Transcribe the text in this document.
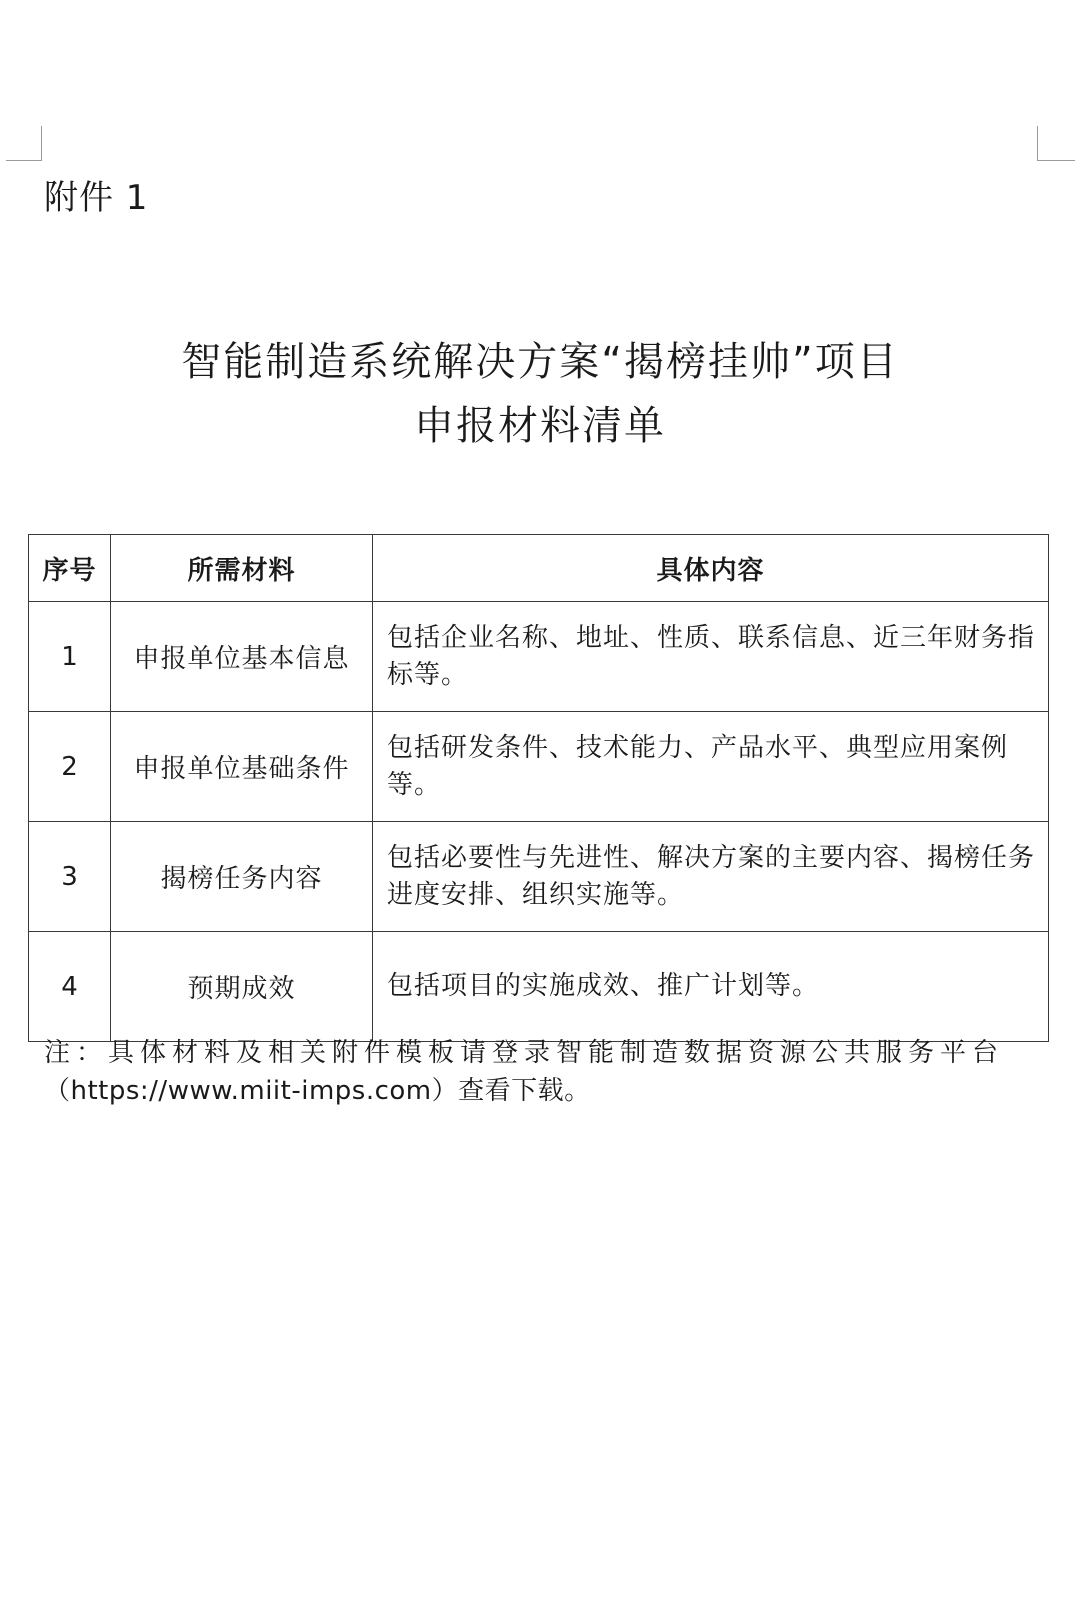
附件 1

智能制造系统解决方案“揭榜挂帅”项目
申报材料清单
序号	所需材料	具体内容
1	申报单位基本信息	包括企业名称、地址、性质、联系信息、近三年财务指标等。
2	申报单位基础条件	包括研发条件、技术能力、产品水平、典型应用案例等。
3	揭榜任务内容	包括必要性与先进性、解决方案的主要内容、揭榜任务进度安排、组织实施等。
4	预期成效	包括项目的实施成效、推广计划等。

注：具体材料及相关附件模板请登录智能制造数据资源公共服务平台
（https://www.miit-imps.com）查看下载。
